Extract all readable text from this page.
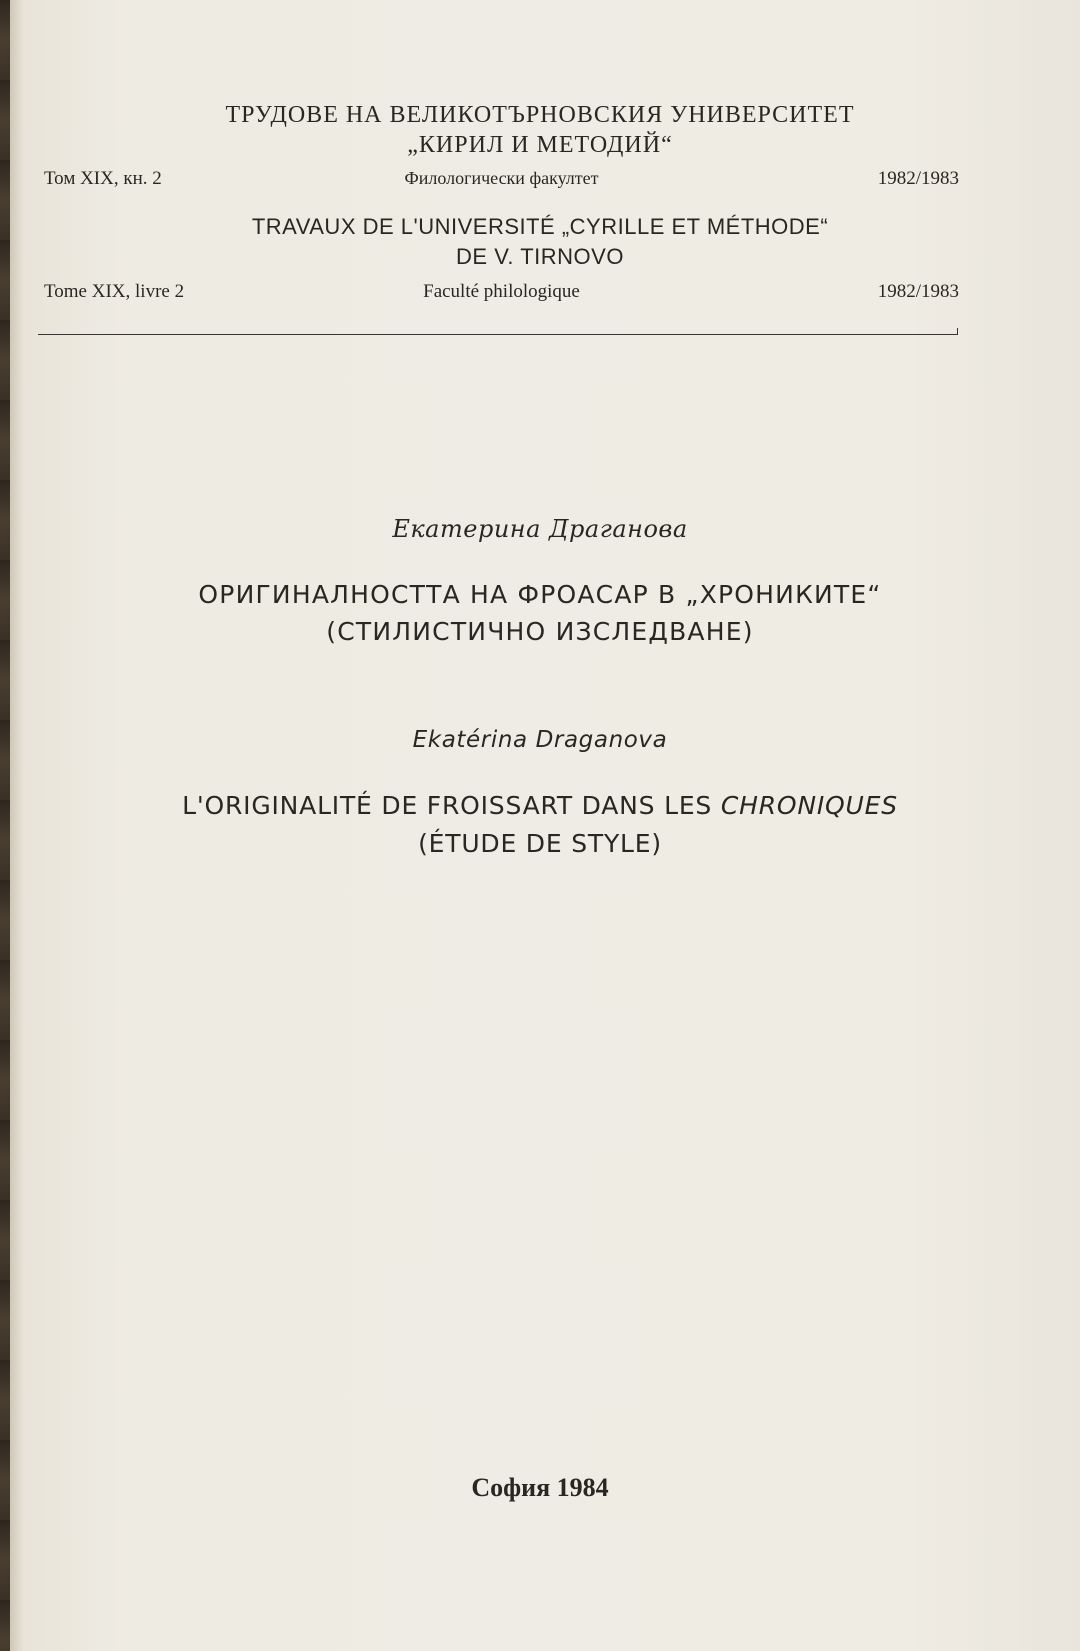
ТРУДОВЕ НА ВЕЛИКОТЪРНОВСКИЯ УНИВЕРСИТЕТ
„КИРИЛ И МЕТОДИЙ“
Том XIX, кн. 2	Филологически факултет	1982/1983
TRAVAUX DE L'UNIVERSITÉ „CYRILLE ET MÉTHODE“
DE V. TIRNOVO
Tome XIX, livre 2	Faculté philologique	1982/1983
Екатерина Драганова
ОРИГИНАЛНОСТТА НА ФРОАСАР В „ХРОНИКИТЕ“
(СТИЛИСТИЧНО ИЗСЛЕДВАНЕ)
Ekatérina Draganova
L'ORIGINALITÉ DE FROISSART DANS LES CHRONIQUES
(ÉTUDE DE STYLE)
София 1984
